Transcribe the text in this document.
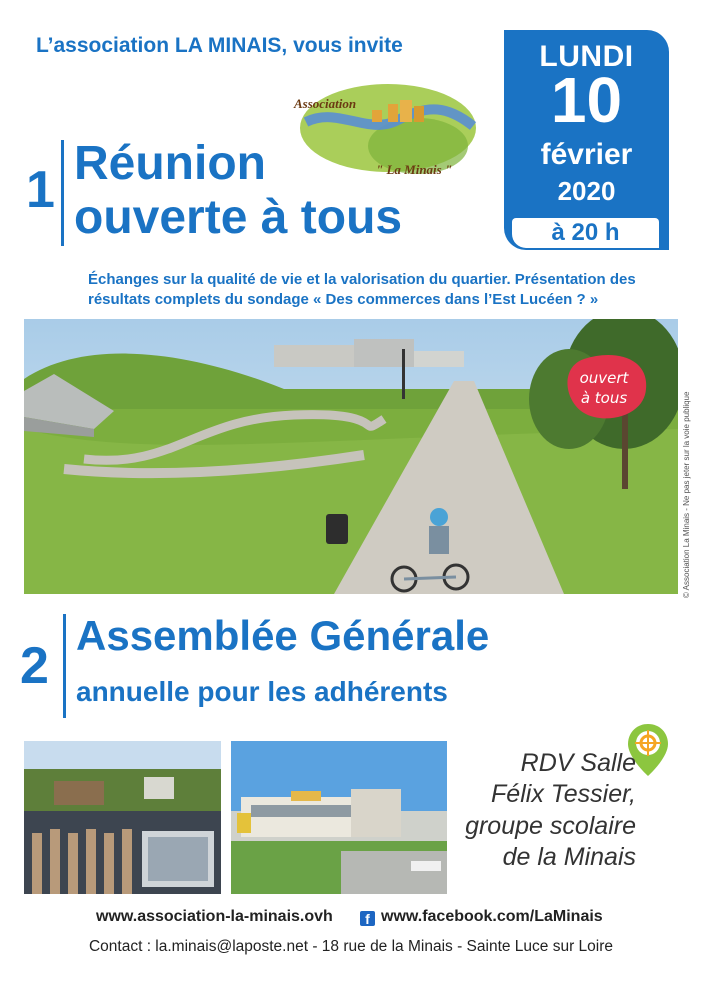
L’association LA MINAIS, vous invite	LUNDI
10
février
2020
à 20 h
Association
" La Minais "
1 Réunion
ouverte à tous
Échanges sur la qualité de vie et la valorisation du quartier. Présentation des résultats complets du sondage « Des commerces dans l’Est Lucéen ? »
ouvert
à tous	© Association La Minais - Ne pas jeter sur la voie publique
2
Assemblée Générale
annuelle pour les adhérents
RDV Salle
Félix Tessier,
groupe scolaire
de la Minais
www.association-la-minais.ovh	f www.facebook.com/LaMinais
Contact : la.minais@laposte.net - 18 rue de la Minais - Sainte Luce sur Loire
